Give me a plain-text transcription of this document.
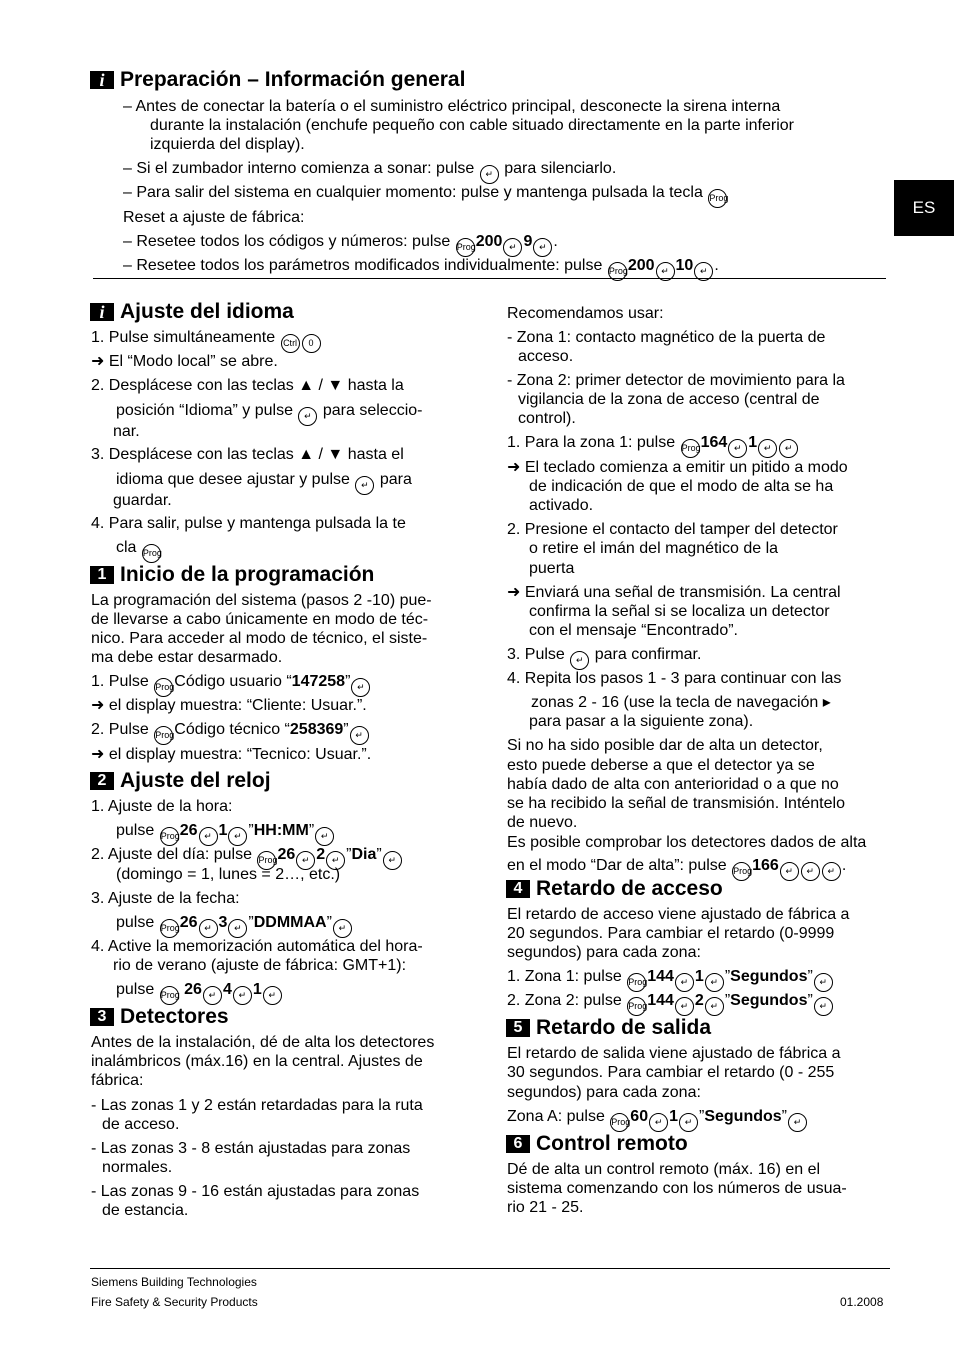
ES
i Preparación – Información general
– Antes de conectar la batería o el suministro eléctrico principal, desconecte la sirena interna
durante la instalación (enchufe pequeño con cable situado directamente en la parte inferior
izquierda del display).
– Si el zumbador interno comienza a sonar: pulse ↵ para silenciarlo.
– Para salir del sistema en cualquier momento: pulse y mantenga pulsada la tecla Prog
Reset a ajuste de fábrica:
– Resetee todos los códigos y números: pulse Prog200 ↵ 9 ↵ .
– Resetee todos los parámetros modificados individualmente: pulse Prog200 ↵ 10 ↵ .
i Ajuste del idioma
1. Pulse simultáneamente Ctrl 0
➜ El “Modo local” se abre.
2. Desplácese con las teclas ▲ / ▼ hasta la
posición “Idioma” y pulse ↵ para seleccio-
nar.
3. Desplácese con las teclas ▲ / ▼ hasta el
idioma que desee ajustar y pulse ↵ para
guardar.
4. Para salir, pulse y mantenga pulsada la te
cla Prog
1 Inicio de la programación
La programación del sistema (pasos 2 -10) pue-
de llevarse a cabo únicamente en modo de téc-
nico. Para acceder al modo de técnico, el siste-
ma debe estar desarmado.
1. Pulse ProgCódigo usuario “147258” ↵
➜ el display muestra: “Cliente: Usuar.”.
2. Pulse ProgCódigo técnico “258369” ↵
➜ el display muestra: “Tecnico: Usuar.”.
2 Ajuste del reloj
1. Ajuste de la hora:
pulse Prog26 ↵ 1 ↵ ”HH:MM” ↵
2. Ajuste del día: pulse Prog26 ↵ 2 ↵ ”Dia” ↵
(domingo = 1, lunes = 2…, etc.)
3. Ajuste de la fecha:
pulse Prog26 ↵ 3 ↵ ”DDMMAA” ↵
4. Active la memorización automática del hora-
rio de verano (ajuste de fábrica: GMT+1):
pulse Prog 26 ↵ 4 ↵ 1 ↵
3 Detectores
Antes de la instalación, dé de alta los detectores
inalámbricos (máx.16) en la central. Ajustes de
fábrica:
- Las zonas 1 y 2 están retardadas para la ruta
de acceso.
- Las zonas 3 - 8 están ajustadas para zonas
normales.
- Las zonas 9 - 16 están ajustadas para zonas
de estancia.
Recomendamos usar:
- Zona 1: contacto magnético de la puerta de
acceso.
- Zona 2: primer detector de movimiento para la
vigilancia de la zona de acceso (central de
control).
1. Para la zona 1: pulse Prog164 ↵ 1 ↵ ↵
➜ El teclado comienza a emitir un pitido a modo
de indicación de que el modo de alta se ha
activado.
2. Presione el contacto del tamper del detector
o retire el imán del magnético de la
puerta
➜ Enviará una señal de transmisión. La central
confirma la señal si se localiza un detector
con el mensaje “Encontrado”.
3. Pulse ↵ para confirmar.
4. Repita los pasos 1 - 3 para continuar con las
zonas 2 - 16 (use la tecla de navegación ▸
para pasar a la siguiente zona).
Si no ha sido posible dar de alta un detector,
esto puede deberse a que el detector ya se
había dado de alta con anterioridad o a que no
se ha recibido la señal de transmisión. Inténtelo
de nuevo.
Es posible comprobar los detectores dados de alta
en el modo “Dar de alta”: pulse Prog166 ↵ ↵ ↵ .
4 Retardo de acceso
El retardo de acceso viene ajustado de fábrica a
20 segundos. Para cambiar el retardo (0-9999
segundos) para cada zona:
1. Zona 1: pulse Prog144 ↵ 1 ↵ ”Segundos” ↵
2. Zona 2: pulse Prog144 ↵ 2 ↵ ”Segundos” ↵
5 Retardo de salida
El retardo de salida viene ajustado de fábrica a
30 segundos. Para cambiar el retardo (0 - 255
segundos) para cada zona:
Zona A: pulse Prog60 ↵ 1 ↵ ”Segundos” ↵
6 Control remoto
Dé de alta un control remoto (máx. 16) en el
sistema comenzando con los números de usua-
rio 21 - 25.
Siemens Building Technologies
Fire Safety & Security Products	01.2008
